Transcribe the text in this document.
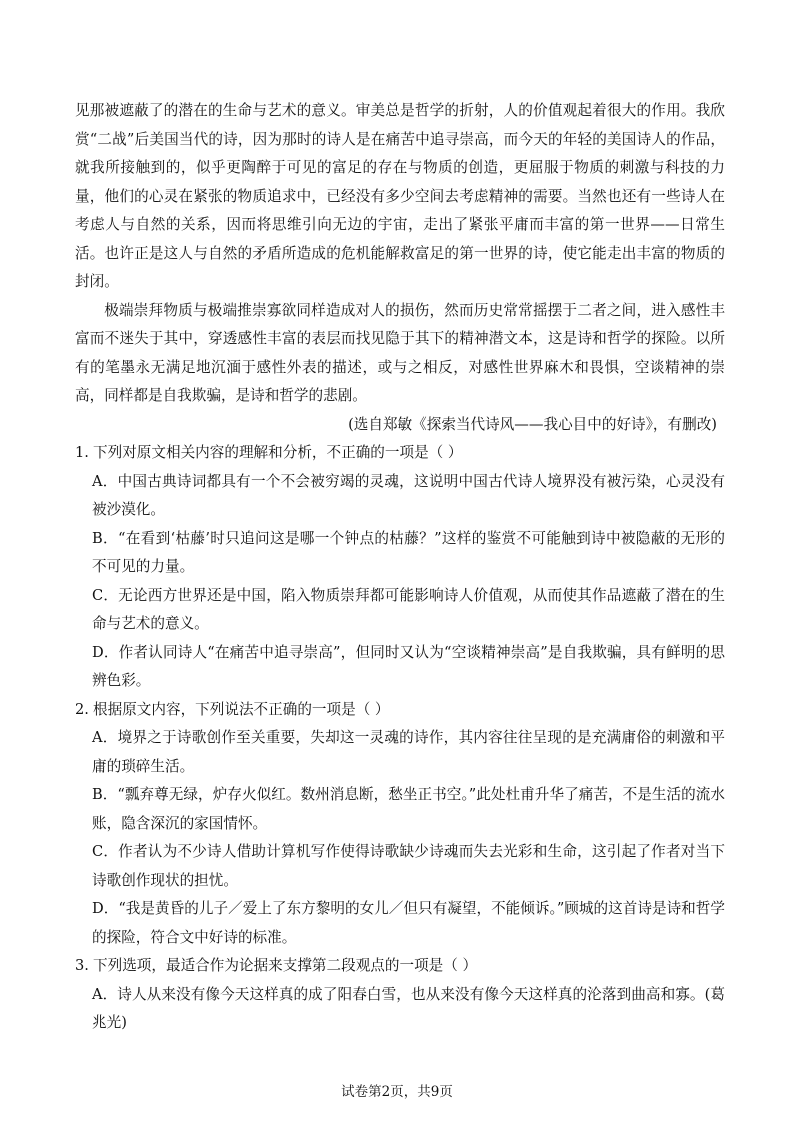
见那被遮蔽了的潜在的生命与艺术的意义。审美总是哲学的折射，人的价值观起着很大的作用。我欣赏“二战”后美国当代的诗，因为那时的诗人是在痛苦中追寻崇高，而今天的年轻的美国诗人的作品，就我所接触到的，似乎更陶醉于可见的富足的存在与物质的创造，更屈服于物质的刺激与科技的力量，他们的心灵在紧张的物质追求中，已经没有多少空间去考虑精神的需要。当然也还有一些诗人在考虑人与自然的关系，因而将思维引向无边的宇宙，走出了紧张平庸而丰富的第一世界——日常生活。也许正是这人与自然的矛盾所造成的危机能解救富足的第一世界的诗，使它能走出丰富的物质的封闭。

极端崇拜物质与极端推崇寡欲同样造成对人的损伤，然而历史常常摇摆于二者之间，进入感性丰富而不迷失于其中，穿透感性丰富的表层而找见隐于其下的精神潜文本，这是诗和哲学的探险。以所有的笔墨永无满足地沉湎于感性外表的描述，或与之相反，对感性世界麻木和畏惧，空谈精神的崇高，同样都是自我欺骗，是诗和哲学的悲剧。

(选自郑敏《探索当代诗风——我心目中的好诗》，有删改)

1. 下列对原文相关内容的理解和分析，不正确的一项是（ ）

A．中国古典诗词都具有一个不会被穷竭的灵魂，这说明中国古代诗人境界没有被污染，心灵没有被沙漠化。

B．“在看到‘枯藤’时只追问这是哪一个钟点的枯藤？”这样的鉴赏不可能触到诗中被隐蔽的无形的不可见的力量。

C．无论西方世界还是中国，陷入物质崇拜都可能影响诗人价值观，从而使其作品遮蔽了潜在的生命与艺术的意义。

D．作者认同诗人“在痛苦中追寻崇高”，但同时又认为“空谈精神崇高”是自我欺骗，具有鲜明的思辨色彩。

2. 根据原文内容，下列说法不正确的一项是（ ）

A．境界之于诗歌创作至关重要，失却这一灵魂的诗作，其内容往往呈现的是充满庸俗的刺激和平庸的琐碎生活。

B．“瓢弃尊无绿，炉存火似红。数州消息断，愁坐正书空。”此处杜甫升华了痛苦，不是生活的流水账，隐含深沉的家国情怀。

C．作者认为不少诗人借助计算机写作使得诗歌缺少诗魂而失去光彩和生命，这引起了作者对当下诗歌创作现状的担忧。

D．“我是黄昏的儿子／爱上了东方黎明的女儿／但只有凝望，不能倾诉。”顾城的这首诗是诗和哲学的探险，符合文中好诗的标准。

3. 下列选项，最适合作为论据来支撑第二段观点的一项是（ ）

A．诗人从来没有像今天这样真的成了阳春白雪，也从来没有像今天这样真的沦落到曲高和寡。(葛兆光)

试卷第2页，共9页
